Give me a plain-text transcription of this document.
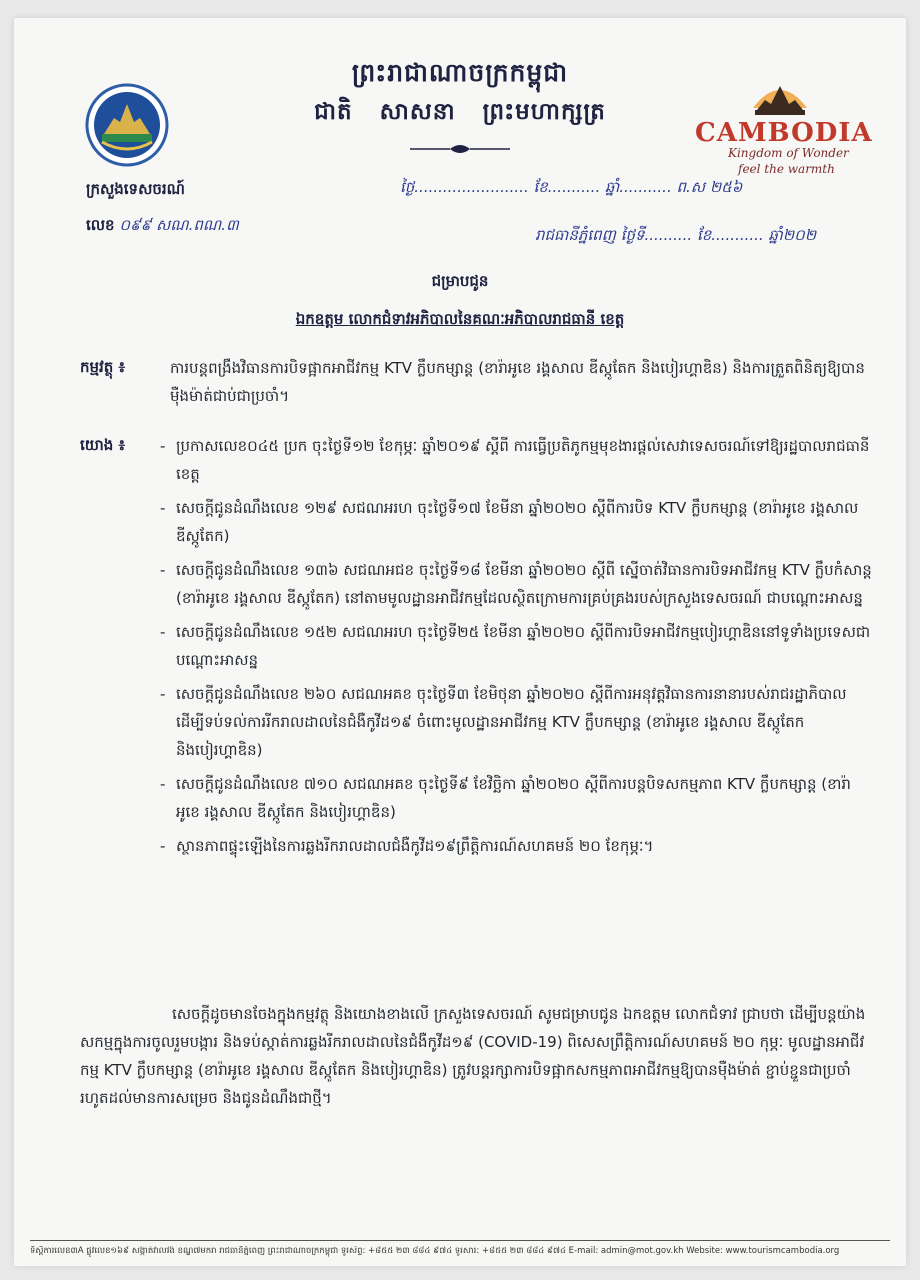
ព្រះរាជាណាចក្រកម្ពុជា
ជាតិ សាសនា ព្រះមហាក្សត្រ
CAMBODIA
Kingdom of Wonder
feel the warmth
ក្រសួងទេសចរណ៍
លេខ ០៩៩ សណ.ពណ.៣
ថ្ងៃ........................ ខែ........... ឆ្នាំ........... ព.ស ២៥៦
រាជធានីភ្នំពេញ ថ្ងៃទី.......... ខែ........... ឆ្នាំ២០២
ជម្រាបជូន
ឯកឧត្តម លោកជំទាវអភិបាលនៃគណៈអភិបាលរាជធានី ខេត្ត
កម្មវត្ថុ ៖	ការបន្តពង្រឹងវិធានការបិទផ្អាកអាជីវកម្ម KTV ក្លឹបកម្សាន្ត (ខារ៉ាអូខេ រង្គសាល ឌីស្កូតែក និងបៀរហ្គាឌិន) និងការត្រួតពិនិត្យឱ្យបានម៉ឺងម៉ាត់ជាប់ជាប្រចាំ។
យោង ៖
-	ប្រកាសលេខ០៤៥ ប្រក ចុះថ្ងៃទី១២ ខែកុម្ភៈ ឆ្នាំ២០១៩ ស្តីពី ការធ្វើប្រតិភូកម្មមុខងារផ្តល់សេវាទេសចរណ៍ទៅឱ្យរដ្ឋបាលរាជធានីខេត្ត
- សេចក្តីជូនដំណឹងលេខ ១២៩ សជណអរហ ចុះថ្ងៃទី១៧ ខែមីនា ឆ្នាំ២០២០ ស្តីពីការបិទ KTV ក្លឹបកម្សាន្ត (ខារ៉ាអូខេ រង្គសាល ឌីស្កូតែក)
- សេចក្តីជូនដំណឹងលេខ ១៣៦ សជណអជខ ចុះថ្ងៃទី១៨ ខែមីនា ឆ្នាំ២០២០ ស្តីពី ស្នើចាត់វិធានការបិទអាជីវកម្ម KTV ក្លឹបកំសាន្ត (ខារ៉ាអូខេ រង្គសាល ឌីស្កូតែក) នៅតាមមូលដ្ឋានអាជីវកម្មដែលស្ថិតក្រោមការគ្រប់គ្រងរបស់ក្រសួងទេសចរណ៍ ជាបណ្តោះអាសន្ន
- សេចក្តីជូនដំណឹងលេខ ១៥២ សជណអរហ ចុះថ្ងៃទី២៥ ខែមីនា ឆ្នាំ២០២០ ស្តីពីការបិទអាជីវកម្មបៀរហ្គាឌិននៅទូទាំងប្រទេសជាបណ្តោះអាសន្ន
- សេចក្តីជូនដំណឹងលេខ ២៦០ សជណអគខ ចុះថ្ងៃទី៣ ខែមិថុនា ឆ្នាំ២០២០ ស្តីពីការអនុវត្តវិធានការនានារបស់រាជរដ្ឋាភិបាល ដើម្បីទប់ទល់ការរីករាលដាលនៃជំងឺកូវីដ១៩ ចំពោះមូលដ្ឋានអាជីវកម្ម KTV ក្លឹបកម្សាន្ត (ខារ៉ាអូខេ រង្គសាល ឌីស្កូតែក និងបៀរហ្គាឌិន)
- សេចក្តីជូនដំណឹងលេខ ៧១០ សជណអគខ ចុះថ្ងៃទី៩ ខែវិច្ឆិកា ឆ្នាំ២០២០ ស្តីពីការបន្តបិទសកម្មភាព KTV ក្លឹបកម្សាន្ត (ខារ៉ាអូខេ រង្គសាល ឌីស្កូតែក និងបៀរហ្គាឌិន)
- ស្ថានភាពផ្ទុះឡើងនៃការឆ្លងរីករាលដាលជំងឺកូវីដ១៩ព្រឹត្តិការណ៍សហគមន៍ ២០ ខែកុម្ភៈ។
សេចក្តីដូចមានចែងក្នុងកម្មវត្ថុ និងយោងខាងលើ ក្រសួងទេសចរណ៍ សូមជម្រាបជូន ឯកឧត្តម លោកជំទាវ ជ្រាបថា ដើម្បីបន្តយ៉ាងសកម្មក្នុងការចូលរួមបង្ការ និងទប់ស្កាត់ការឆ្លងរីករាលដាលនៃជំងឺកូវីដ១៩ (COVID-19) ពិសេសព្រឹត្តិការណ៍សហគមន៍ ២០ កុម្ភៈ មូលដ្ឋានអាជីវកម្ម KTV ក្លឹបកម្សាន្ត (ខារ៉ាអូខេ រង្គសាល ឌីស្កូតែក និងបៀរហ្គាឌិន) ត្រូវបន្តរក្សាការបិទផ្អាកសកម្មភាពអាជីវកម្មឱ្យបានម៉ឺងម៉ាត់ ខ្ជាប់ខ្ជួនជាប្រចាំរហូតដល់មានការសម្រេច និងជូនដំណឹងជាថ្មី។
ទីស្តីការលេខ៣A ផ្លូវលេខ១៦៩ សង្កាត់វាលវង់ ខណ្ឌ៧មករា រាជធានីភ្នំពេញ ព្រះរាជាណាចក្រកម្ពុជា ទូរស័ព្ទ: +៨៥៥ ២៣ ៨៨៤ ៩៧៤ ទូរសារ: +៨៥៥ ២៣ ៨៨៤ ៩៧៤ E-mail: admin@mot.gov.kh Website: www.tourismcambodia.org
